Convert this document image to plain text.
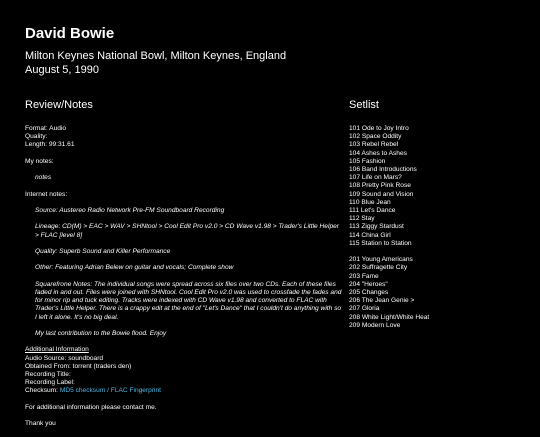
David Bowie
Milton Keynes National Bowl, Milton Keynes, England
August 5, 1990
Review/Notes
Format: Audio
Quality:
Length: 99:31.61
My notes:
notes
Internet notes:
Source: Austereo Radio Network Pre-FM Soundboard Recording
Lineage: CD(M) > EAC > WAV > SHNtool > Cool Edit Pro v2.0 > CD Wave v1.98 > Trader's Little Helper > FLAC [level 8]
Quality: Superb Sound and Killer Performance
Other: Featuring Adrian Belew on guitar and vocals; Complete show
Squarefrone Notes: The individual songs were spread across six files over two CDs. Each of these files faded in and out. Files were joined with SHNtool. Cool Edit Pro v2.0 was used to crossfade the fades and for minor rip and tuck editing. Tracks were indexed with CD Wave v1.98 and converted to FLAC with Trader's Little Helper. There is a crappy edit at the end of "Let's Dance" that I couldn't do anything with so I left it alone. It's no big deal.
My last contribution to the Bowie flood. Enjoy
Additional Information
Audio Source: soundboard
Obtained From: torrent (traders den)
Recording Title:
Recording Label:
Checksum: MD5 checksum / FLAC Fingerprint
For additional information please contact me.
Thank you
Setlist
101 Ode to Joy Intro
102 Space Oddity
103 Rebel Rebel
104 Ashes to Ashes
105 Fashion
106 Band Introductions
107 Life on Mars?
108 Pretty Pink Rose
109 Sound and Vision
110 Blue Jean
111 Let's Dance
112 Stay
113 Ziggy Stardust
114 China Girl
115 Station to Station
201 Young Americans
202 Suffragette City
203 Fame
204 "Heroes"
205 Changes
206 The Jean Genie >
207 Gloria
208 White Light/White Heat
209 Modern Love
